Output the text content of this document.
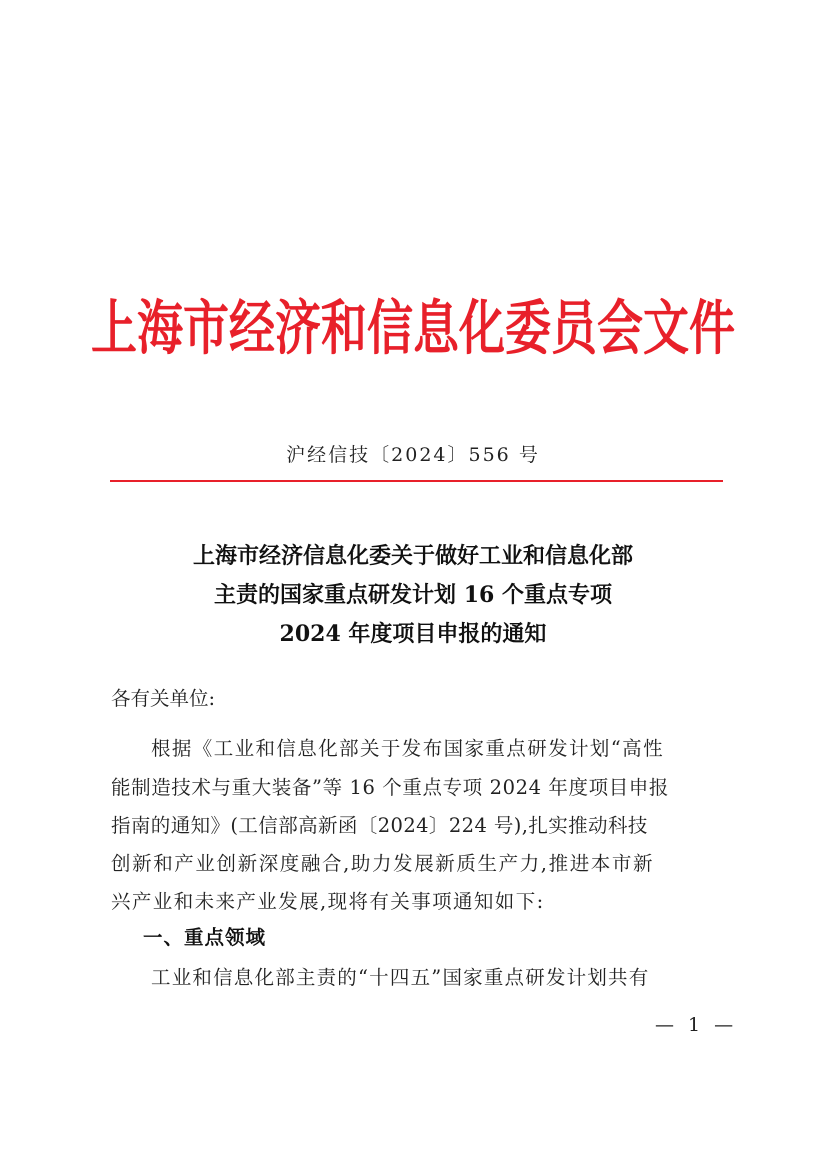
上海市经济和信息化委员会文件
沪经信技〔2024〕556 号
上海市经济信息化委关于做好工业和信息化部
主责的国家重点研发计划 16 个重点专项
2024 年度项目申报的通知
各有关单位:
根据《工业和信息化部关于发布国家重点研发计划“高性
能制造技术与重大装备”等 16 个重点专项 2024 年度项目申报
指南的通知》(工信部高新函〔2024〕224 号),扎实推动科技
创新和产业创新深度融合,助力发展新质生产力,推进本市新
兴产业和未来产业发展,现将有关事项通知如下:
一、重点领域
工业和信息化部主责的“十四五”国家重点研发计划共有
— 1 —
